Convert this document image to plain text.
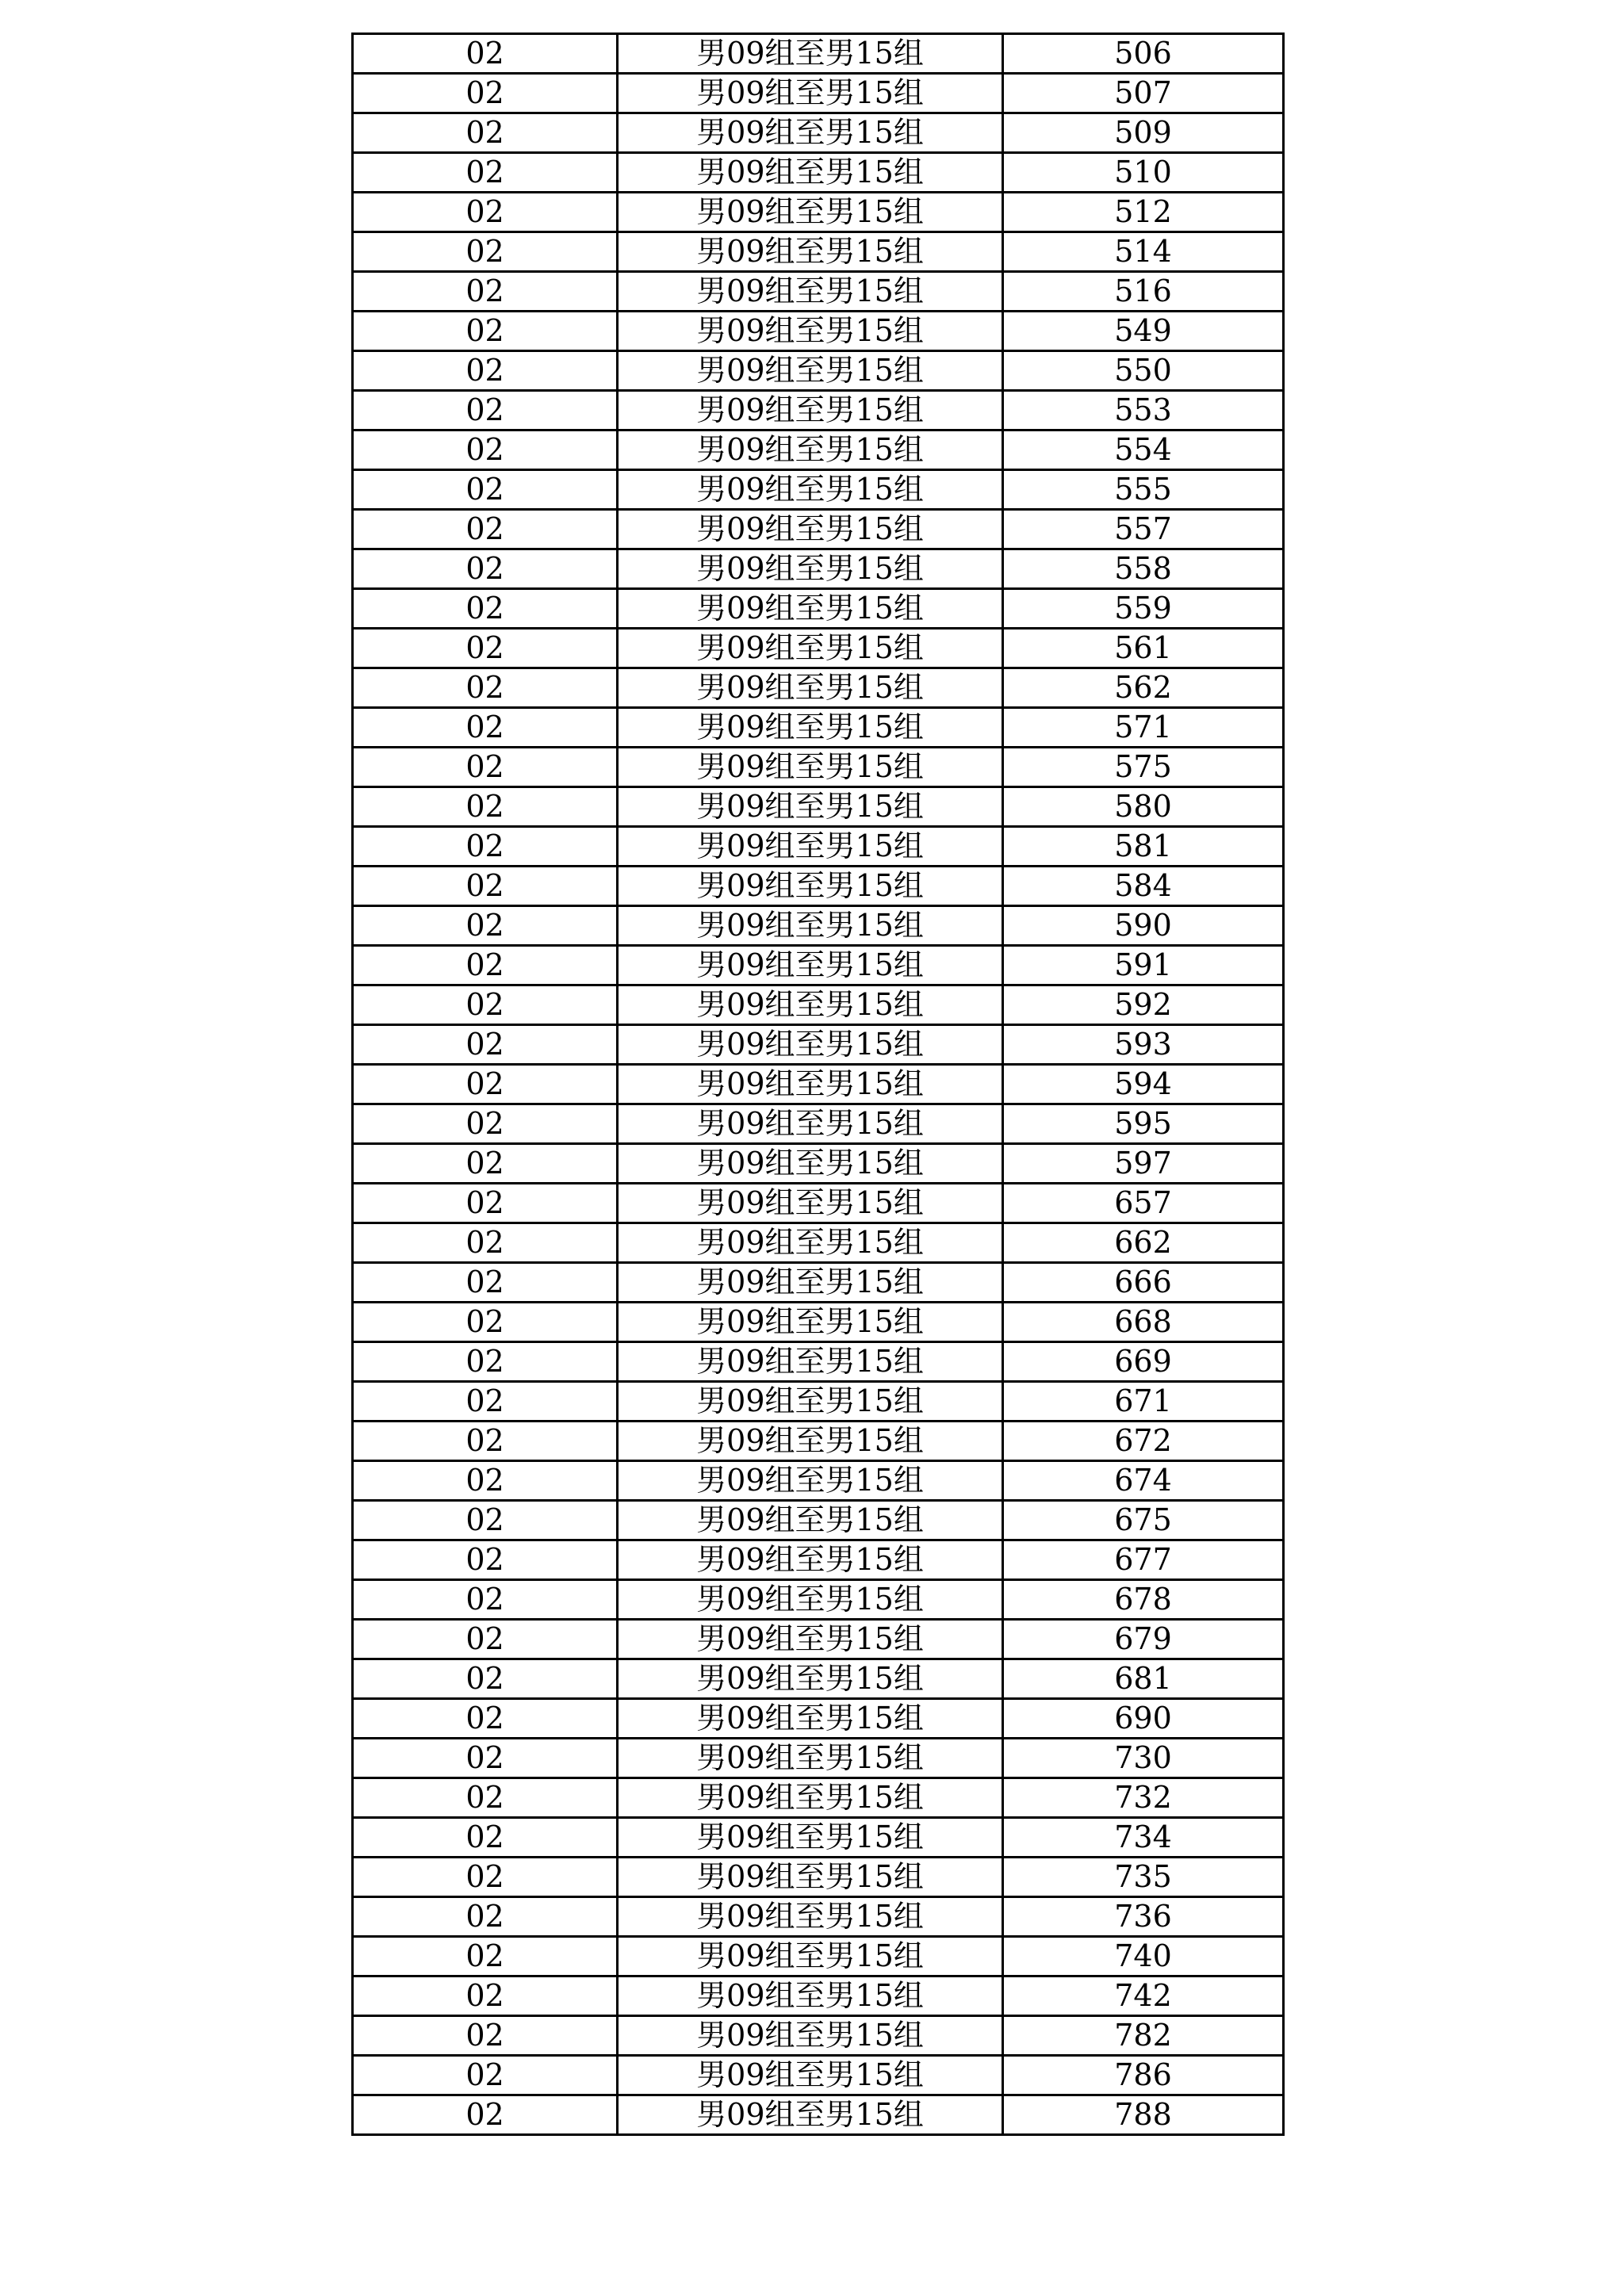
02	男09组至男15组	506
02	男09组至男15组	507
02	男09组至男15组	509
02	男09组至男15组	510
02	男09组至男15组	512
02	男09组至男15组	514
02	男09组至男15组	516
02	男09组至男15组	549
02	男09组至男15组	550
02	男09组至男15组	553
02	男09组至男15组	554
02	男09组至男15组	555
02	男09组至男15组	557
02	男09组至男15组	558
02	男09组至男15组	559
02	男09组至男15组	561
02	男09组至男15组	562
02	男09组至男15组	571
02	男09组至男15组	575
02	男09组至男15组	580
02	男09组至男15组	581
02	男09组至男15组	584
02	男09组至男15组	590
02	男09组至男15组	591
02	男09组至男15组	592
02	男09组至男15组	593
02	男09组至男15组	594
02	男09组至男15组	595
02	男09组至男15组	597
02	男09组至男15组	657
02	男09组至男15组	662
02	男09组至男15组	666
02	男09组至男15组	668
02	男09组至男15组	669
02	男09组至男15组	671
02	男09组至男15组	672
02	男09组至男15组	674
02	男09组至男15组	675
02	男09组至男15组	677
02	男09组至男15组	678
02	男09组至男15组	679
02	男09组至男15组	681
02	男09组至男15组	690
02	男09组至男15组	730
02	男09组至男15组	732
02	男09组至男15组	734
02	男09组至男15组	735
02	男09组至男15组	736
02	男09组至男15组	740
02	男09组至男15组	742
02	男09组至男15组	782
02	男09组至男15组	786
02	男09组至男15组	788
